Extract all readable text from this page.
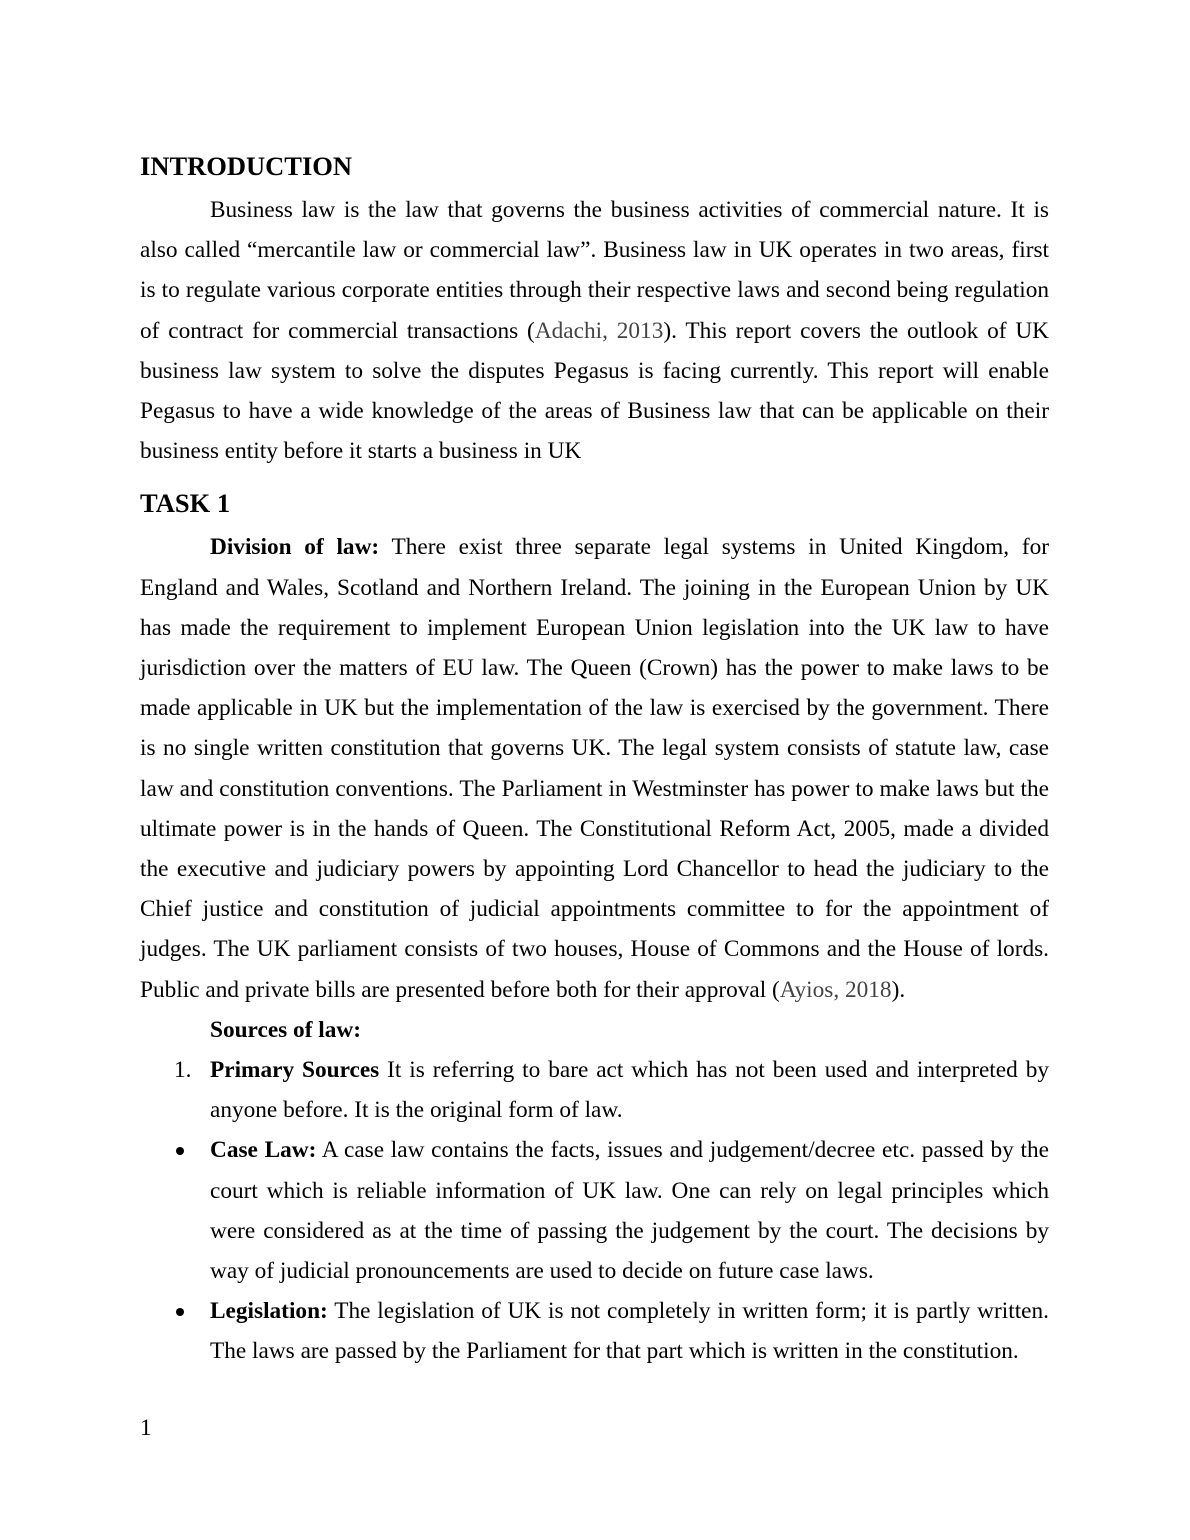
INTRODUCTION

Business law is the law that governs the business activities of commercial nature. It is also called “mercantile law or commercial law”. Business law in UK operates in two areas, first is to regulate various corporate entities through their respective laws and second being regulation of contract for commercial transactions (Adachi, 2013). This report covers the outlook of UK business law system to solve the disputes Pegasus is facing currently. This report will enable Pegasus to have a wide knowledge of the areas of Business law that can be applicable on their business entity before it starts a business in UK

TASK 1

Division of law: There exist three separate legal systems in United Kingdom, for England and Wales, Scotland and Northern Ireland. The joining in the European Union by UK has made the requirement to implement European Union legislation into the UK law to have jurisdiction over the matters of EU law. The Queen (Crown) has the power to make laws to be made applicable in UK but the implementation of the law is exercised by the government. There is no single written constitution that governs UK. The legal system consists of statute law, case law and constitution conventions. The Parliament in Westminster has power to make laws but the ultimate power is in the hands of Queen. The Constitutional Reform Act, 2005, made a divided the executive and judiciary powers by appointing Lord Chancellor to head the judiciary to the Chief justice and constitution of judicial appointments committee to for the appointment of judges. The UK parliament consists of two houses, House of Commons and the House of lords. Public and private bills are presented before both for their approval (Ayios, 2018).

Sources of law:

1. Primary Sources It is referring to bare act which has not been used and interpreted by anyone before. It is the original form of law.

Case Law: A case law contains the facts, issues and judgement/decree etc. passed by the court which is reliable information of UK law. One can rely on legal principles which were considered as at the time of passing the judgement by the court. The decisions by way of judicial pronouncements are used to decide on future case laws.

Legislation: The legislation of UK is not completely in written form; it is partly written. The laws are passed by the Parliament for that part which is written in the constitution.

1
